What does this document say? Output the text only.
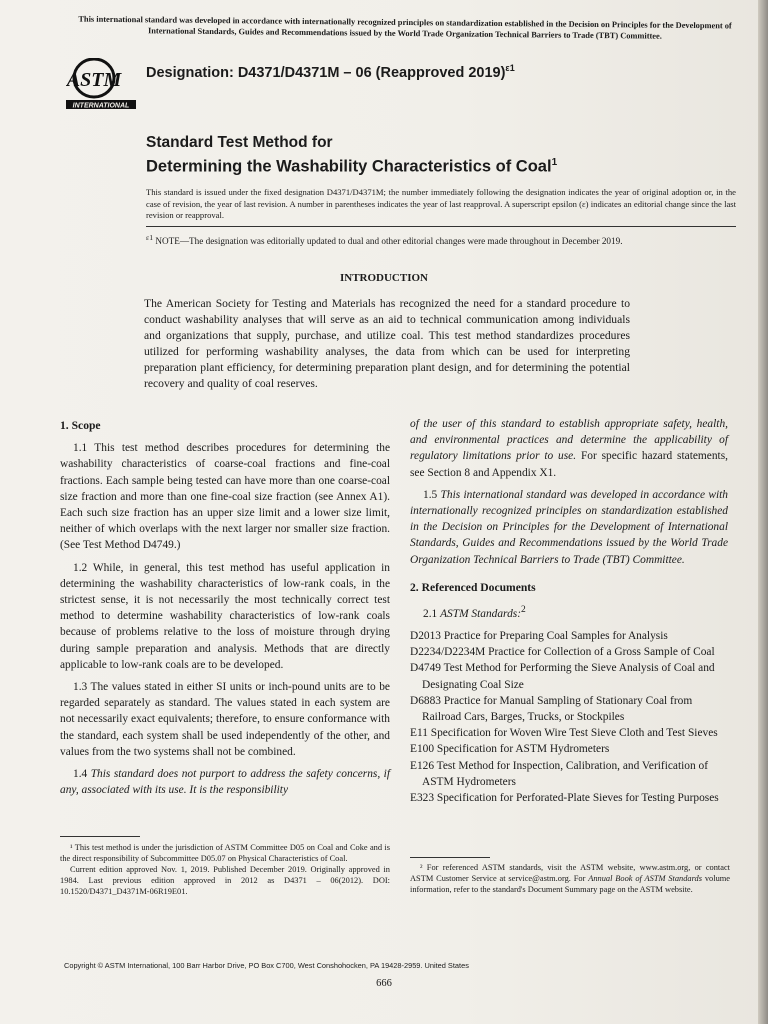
This international standard was developed in accordance with internationally recognized principles on standardization established in the Decision on Principles for the Development of International Standards, Guides and Recommendations issued by the World Trade Organization Technical Barriers to Trade (TBT) Committee.
ASTM
INTERNATIONAL
Designation: D4371/D4371M – 06 (Reapproved 2019)$^{\varepsilon 1}$
Standard Test Method for
Determining the Washability Characteristics of Coal$^1$
This standard is issued under the fixed designation D4371/D4371M; the number immediately following the designation indicates the year of original adoption or, in the case of revision, the year of last revision. A number in parentheses indicates the year of last reapproval. A superscript epsilon (ε) indicates an editorial change since the last revision or reapproval.
$^{\varepsilon 1}$ NOTE—The designation was editorially updated to dual and other editorial changes were made throughout in December 2019.
INTRODUCTION
The American Society for Testing and Materials has recognized the need for a standard procedure to conduct washability analyses that will serve as an aid to technical communication among individuals and organizations that supply, purchase, and utilize coal. This test method standardizes procedures utilized for performing washability analyses, the data from which can be used for interpreting preparation plant efficiency, for determining preparation plant design, and for determining the potential recovery and quality of coal reserves.
1. Scope

1.1 This test method describes procedures for determining the washability characteristics of coarse-coal fractions and fine-coal fractions. Each sample being tested can have more than one coarse-coal size fraction and more than one fine-coal size fraction (see Annex A1). Each such size fraction has an upper size limit and a lower size limit, neither of which overlaps with the next larger nor smaller size fraction. (See Test Method D4749.)

1.2 While, in general, this test method has useful application in determining the washability characteristics of low-rank coals, in the strictest sense, it is not necessarily the most technically correct test method to determine washability characteristics of low-rank coals because of problems relative to the loss of moisture through drying during sample preparation and analysis. Methods that are directly applicable to low-rank coals are to be developed.

1.3 The values stated in either SI units or inch-pound units are to be regarded separately as standard. The values stated in each system are not necessarily exact equivalents; therefore, to ensure conformance with the standard, each system shall be used independently of the other, and values from the two systems shall not be combined.

1.4 This standard does not purport to address the safety concerns, if any, associated with its use. It is the responsibility

of the user of this standard to establish appropriate safety, health, and environmental practices and determine the applicability of regulatory limitations prior to use. For specific hazard statements, see Section 8 and Appendix X1.

1.5 This international standard was developed in accordance with internationally recognized principles on standardization established in the Decision on Principles for the Development of International Standards, Guides and Recommendations issued by the World Trade Organization Technical Barriers to Trade (TBT) Committee.

2. Referenced Documents

2.1 ASTM Standards:$^2$

D2013 Practice for Preparing Coal Samples for Analysis
D2234/D2234M Practice for Collection of a Gross Sample of Coal
D4749 Test Method for Performing the Sieve Analysis of Coal and Designating Coal Size
D6883 Practice for Manual Sampling of Stationary Coal from Railroad Cars, Barges, Trucks, or Stockpiles
E11 Specification for Woven Wire Test Sieve Cloth and Test Sieves
E100 Specification for ASTM Hydrometers
E126 Test Method for Inspection, Calibration, and Verification of ASTM Hydrometers
E323 Specification for Perforated-Plate Sieves for Testing Purposes

¹ This test method is under the jurisdiction of ASTM Committee D05 on Coal and Coke and is the direct responsibility of Subcommittee D05.07 on Physical Characteristics of Coal.

Current edition approved Nov. 1, 2019. Published December 2019. Originally approved in 1984. Last previous edition approved in 2012 as D4371 – 06(2012). DOI: 10.1520/D4371_D4371M-06R19E01.

² For referenced ASTM standards, visit the ASTM website, www.astm.org, or contact ASTM Customer Service at service@astm.org. For Annual Book of ASTM Standards volume information, refer to the standard's Document Summary page on the ASTM website.

Copyright © ASTM International, 100 Barr Harbor Drive, PO Box C700, West Conshohocken, PA 19428-2959. United States
666
